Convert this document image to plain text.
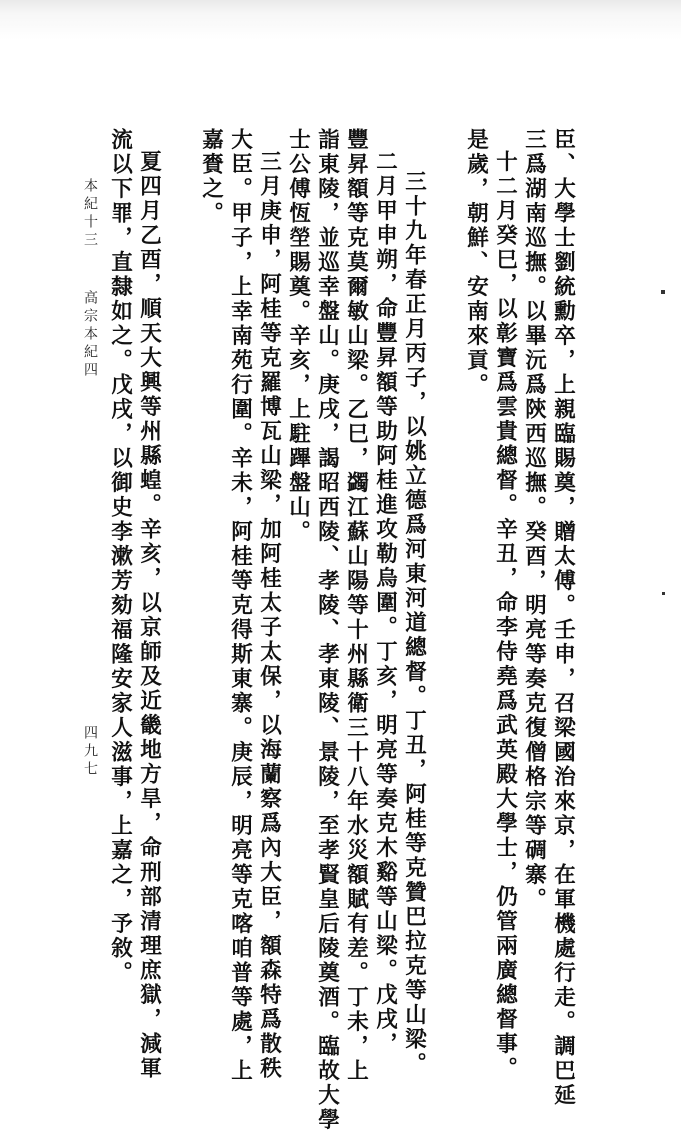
臣、大學士劉統勳卒，上親臨賜奠，贈太傅。壬申，召梁國治來京，在軍機處行走。調巴延
三爲湖南巡撫。以畢沅爲陝西巡撫。癸酉，明亮等奏克復僧格宗等碉寨。
十二月癸巳，以彰寶爲雲貴總督。辛丑，命李侍堯爲武英殿大學士，仍管兩廣總督事。
是歲，朝鮮、安南來貢。
三十九年春正月丙子，以姚立德爲河東河道總督。丁丑，阿桂等克贊巴拉克等山梁。
二月甲申朔，命豐昇額等助阿桂進攻勒烏圍。丁亥，明亮等奏克木谿等山梁。戊戌，
豐昇額等克莫爾敏山梁。乙巳，蠲江蘇山陽等十州縣衛三十八年水災額賦有差。丁未，上
詣東陵，並巡幸盤山。庚戌，謁昭西陵、孝陵、孝東陵、景陵，至孝賢皇后陵奠酒。臨故大學
士公傅恆塋賜奠。辛亥，上駐蹕盤山。
三月庚申，阿桂等克羅博瓦山梁，加阿桂太子太保，以海蘭察爲內大臣，額森特爲散秩
大臣。甲子，上幸南苑行圍。辛未，阿桂等克得斯東寨。庚辰，明亮等克喀咱普等處，上
嘉賚之。
夏四月乙酉，順天大興等州縣蝗。辛亥，以京師及近畿地方旱，命刑部清理庶獄，減軍
流以下罪，直隸如之。戊戌，以御史李漱芳劾福隆安家人滋事，上嘉之，予敘。
本紀十三
高宗本紀四
四九七
